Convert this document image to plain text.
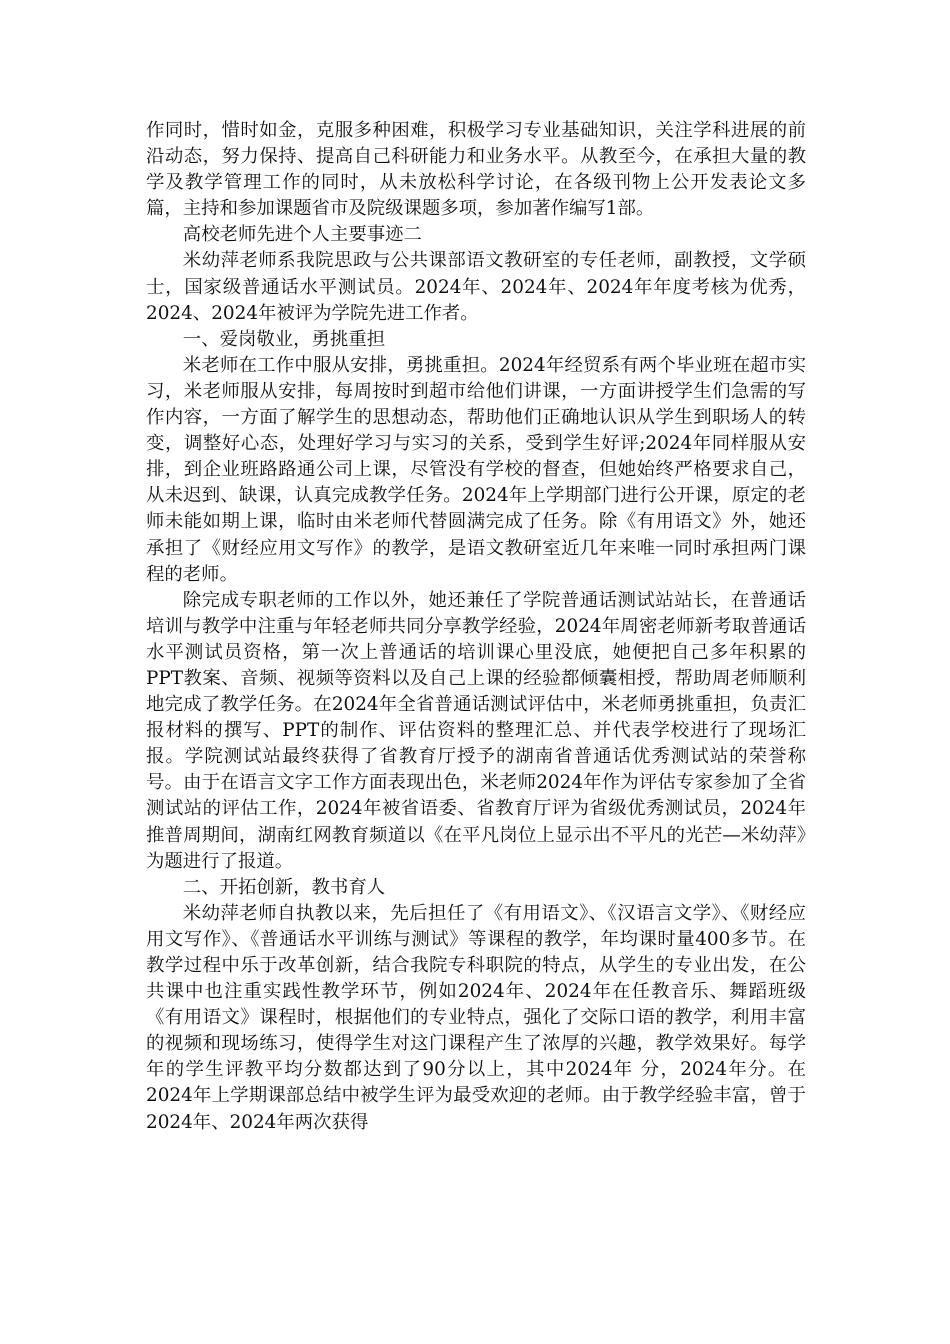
作同时，惜时如金，克服多种困难，积极学习专业基础知识，关注学科进展的前沿动态，努力保持、提高自己科研能力和业务水平。从教至今，在承担大量的教学及教学管理工作的同时，从未放松科学讨论，在各级刊物上公开发表论文多篇，主持和参加课题省市及院级课题多项，参加著作编写1部。

高校老师先进个人主要事迹二

米幼萍老师系我院思政与公共课部语文教研室的专任老师，副教授，文学硕士，国家级普通话水平测试员。2024年、2024年、2024年年度考核为优秀，2024、2024年被评为学院先进工作者。

一、爱岗敬业，勇挑重担

米老师在工作中服从安排，勇挑重担。2024年经贸系有两个毕业班在超市实习，米老师服从安排，每周按时到超市给他们讲课，一方面讲授学生们急需的写作内容，一方面了解学生的思想动态，帮助他们正确地认识从学生到职场人的转变，调整好心态，处理好学习与实习的关系，受到学生好评;2024年同样服从安排，到企业班路路通公司上课，尽管没有学校的督查，但她始终严格要求自己，从未迟到、缺课，认真完成教学任务。2024年上学期部门进行公开课，原定的老师未能如期上课，临时由米老师代替圆满完成了任务。除《有用语文》外，她还承担了《财经应用文写作》的教学，是语文教研室近几年来唯一同时承担两门课程的老师。

除完成专职老师的工作以外，她还兼任了学院普通话测试站站长，在普通话培训与教学中注重与年轻老师共同分享教学经验，2024年周密老师新考取普通话水平测试员资格，第一次上普通话的培训课心里没底，她便把自己多年积累的PPT教案、音频、视频等资料以及自己上课的经验都倾囊相授，帮助周老师顺利地完成了教学任务。在2024年全省普通话测试评估中，米老师勇挑重担，负责汇报材料的撰写、PPT的制作、评估资料的整理汇总、并代表学校进行了现场汇报。学院测试站最终获得了省教育厅授予的湖南省普通话优秀测试站的荣誉称号。由于在语言文字工作方面表现出色，米老师2024年作为评估专家参加了全省测试站的评估工作，2024年被省语委、省教育厅评为省级优秀测试员，2024年推普周期间，湖南红网教育频道以《在平凡岗位上显示出不平凡的光芒—米幼萍》为题进行了报道。

二、开拓创新，教书育人

米幼萍老师自执教以来，先后担任了《有用语文》、《汉语言文学》、《财经应用文写作》、《普通话水平训练与测试》等课程的教学，年均课时量400多节。在教学过程中乐于改革创新，结合我院专科职院的特点，从学生的专业出发，在公共课中也注重实践性教学环节，例如2024年、2024年在任教音乐、舞蹈班级《有用语文》课程时，根据他们的专业特点，强化了交际口语的教学，利用丰富的视频和现场练习，使得学生对这门课程产生了浓厚的兴趣，教学效果好。每学年的学生评教平均分数都达到了90分以上，其中2024年 分，2024年分。在2024年上学期课部总结中被学生评为最受欢迎的老师。由于教学经验丰富，曾于2024年、2024年两次获得
